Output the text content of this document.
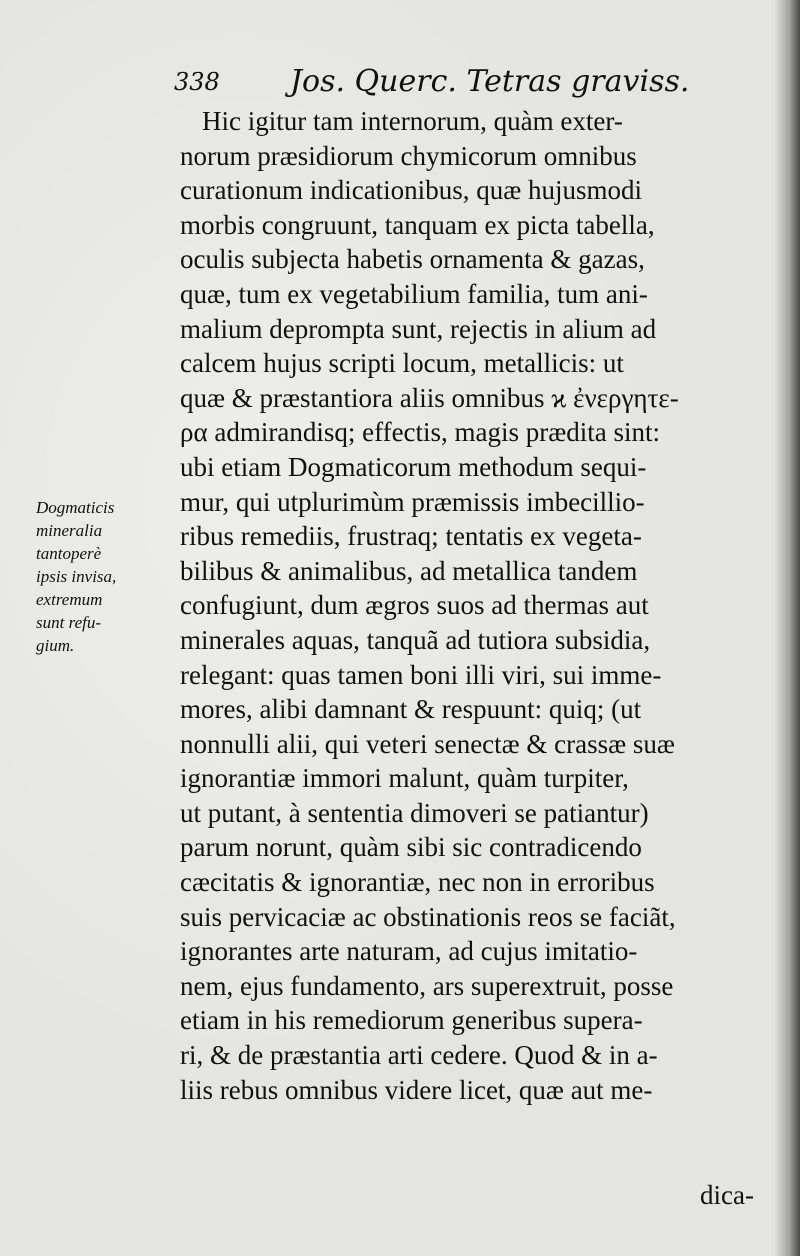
338 Jos. Querc. Tetras graviss.
Hic igitur tam internorum, quàm exter-
norum præsidiorum chymicorum omnibus
curationum indicationibus, quæ hujusmodi
morbis congruunt, tanquam ex picta tabella,
oculis subjecta habetis ornamenta & gazas,
quæ, tum ex vegetabilium familia, tum ani-
malium deprompta sunt, rejectis in alium ad
calcem hujus scripti locum, metallicis: ut
quæ & præstantiora aliis omnibus ϰ ἐνεργητε-
ρα admirandisq; effectis, magis prædita sint:
ubi etiam Dogmaticorum methodum sequi-
mur, qui utplurimùm præmissis imbecillio-
ribus remediis, frustraq; tentatis ex vegeta-
bilibus & animalibus, ad metallica tandem
confugiunt, dum ægros suos ad thermas aut
minerales aquas, tanquã ad tutiora subsidia,
relegant: quas tamen boni illi viri, sui imme-
mores, alibi damnant & respuunt: quiq; (ut
nonnulli alii, qui veteri senectæ & crassæ suæ
ignorantiæ immori malunt, quàm turpiter,
ut putant, à sententia dimoveri se patiantur)
parum norunt, quàm sibi sic contradicendo
cæcitatis & ignorantiæ, nec non in erroribus
suis pervicaciæ ac obstinationis reos se faciãt,
ignorantes arte naturam, ad cujus imitatio-
nem, ejus fundamento, ars superextruit, posse
etiam in his remediorum generibus supera-
ri, & de præstantia arti cedere. Quod & in a-
liis rebus omnibus videre licet, quæ aut me-
Dogmaticis
mineralia
tantoperè
ipsis invisa,
extremum
sunt refu-
gium.
dica-
